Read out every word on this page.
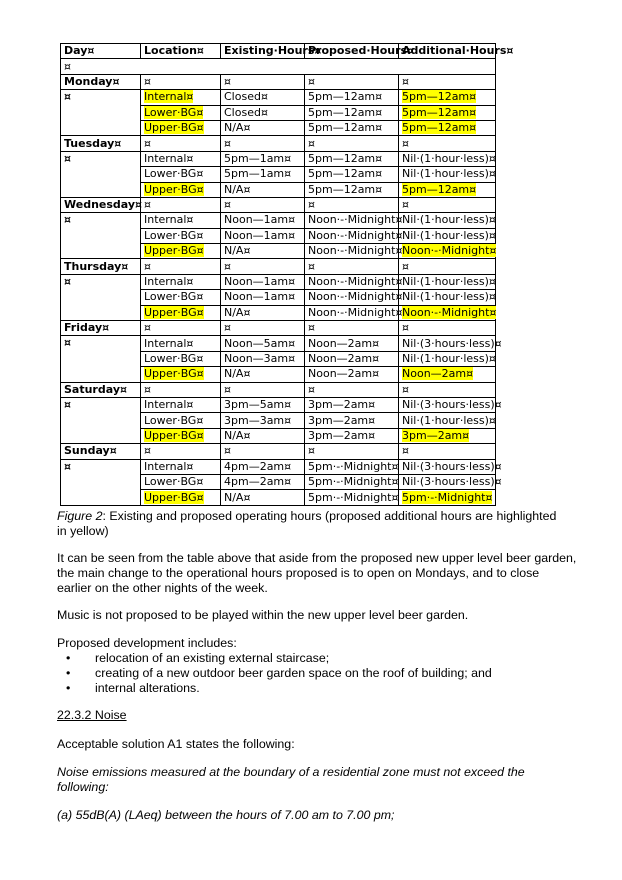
Day¤	Location¤	Existing·Hours¤	Proposed·Hours¤	Additional·Hours¤
¤				
Monday¤	¤	¤	¤	¤
¤	Internal¤	Closed¤	5pm—12am¤	5pm—12am¤
	Lower·BG¤	Closed¤	5pm—12am¤	5pm—12am¤
	Upper·BG¤	N/A¤	5pm—12am¤	5pm—12am¤
Tuesday¤	¤	¤	¤	¤
¤	Internal¤	5pm—1am¤	5pm—12am¤	Nil·(1·hour·less)¤
	Lower·BG¤	5pm—1am¤	5pm—12am¤	Nil·(1·hour·less)¤
	Upper·BG¤	N/A¤	5pm—12am¤	5pm—12am¤
Wednesday¤	¤	¤	¤	¤
¤	Internal¤	Noon—1am¤	Noon·-·Midnight¤	Nil·(1·hour·less)¤
	Lower·BG¤	Noon—1am¤	Noon·-·Midnight¤	Nil·(1·hour·less)¤
	Upper·BG¤	N/A¤	Noon·-·Midnight¤	Noon·-·Midnight¤
Thursday¤	¤	¤	¤	¤
¤	Internal¤	Noon—1am¤	Noon·-·Midnight¤	Nil·(1·hour·less)¤
	Lower·BG¤	Noon—1am¤	Noon·-·Midnight¤	Nil·(1·hour·less)¤
	Upper·BG¤	N/A¤	Noon·-·Midnight¤	Noon·-·Midnight¤
Friday¤	¤	¤	¤	¤
¤	Internal¤	Noon—5am¤	Noon—2am¤	Nil·(3·hours·less)¤
	Lower·BG¤	Noon—3am¤	Noon—2am¤	Nil·(1·hour·less)¤
	Upper·BG¤	N/A¤	Noon—2am¤	Noon—2am¤
Saturday¤	¤	¤	¤	¤
¤	Internal¤	3pm—5am¤	3pm—2am¤	Nil·(3·hours·less)¤
	Lower·BG¤	3pm—3am¤	3pm—2am¤	Nil·(1·hour·less)¤
	Upper·BG¤	N/A¤	3pm—2am¤	3pm—2am¤
Sunday¤	¤	¤	¤	¤
¤	Internal¤	4pm—2am¤	5pm·-·Midnight¤	Nil·(3·hours·less)¤
	Lower·BG¤	4pm—2am¤	5pm·-·Midnight¤	Nil·(3·hours·less)¤
	Upper·BG¤	N/A¤	5pm·-·Midnight¤	5pm·-·Midnight¤
Figure 2: Existing and proposed operating hours (proposed additional hours are highlighted in yellow)
It can be seen from the table above that aside from the proposed new upper level beer garden, the main change to the operational hours proposed is to open on Mondays, and to close earlier on the other nights of the week.
Music is not proposed to be played within the new upper level beer garden.
Proposed development includes:
• relocation of an existing external staircase;
• creating of a new outdoor beer garden space on the roof of building; and
• internal alterations.
22.3.2 Noise
Acceptable solution A1 states the following:
Noise emissions measured at the boundary of a residential zone must not exceed the following:
(a) 55dB(A) (LAeq) between the hours of 7.00 am to 7.00 pm;
